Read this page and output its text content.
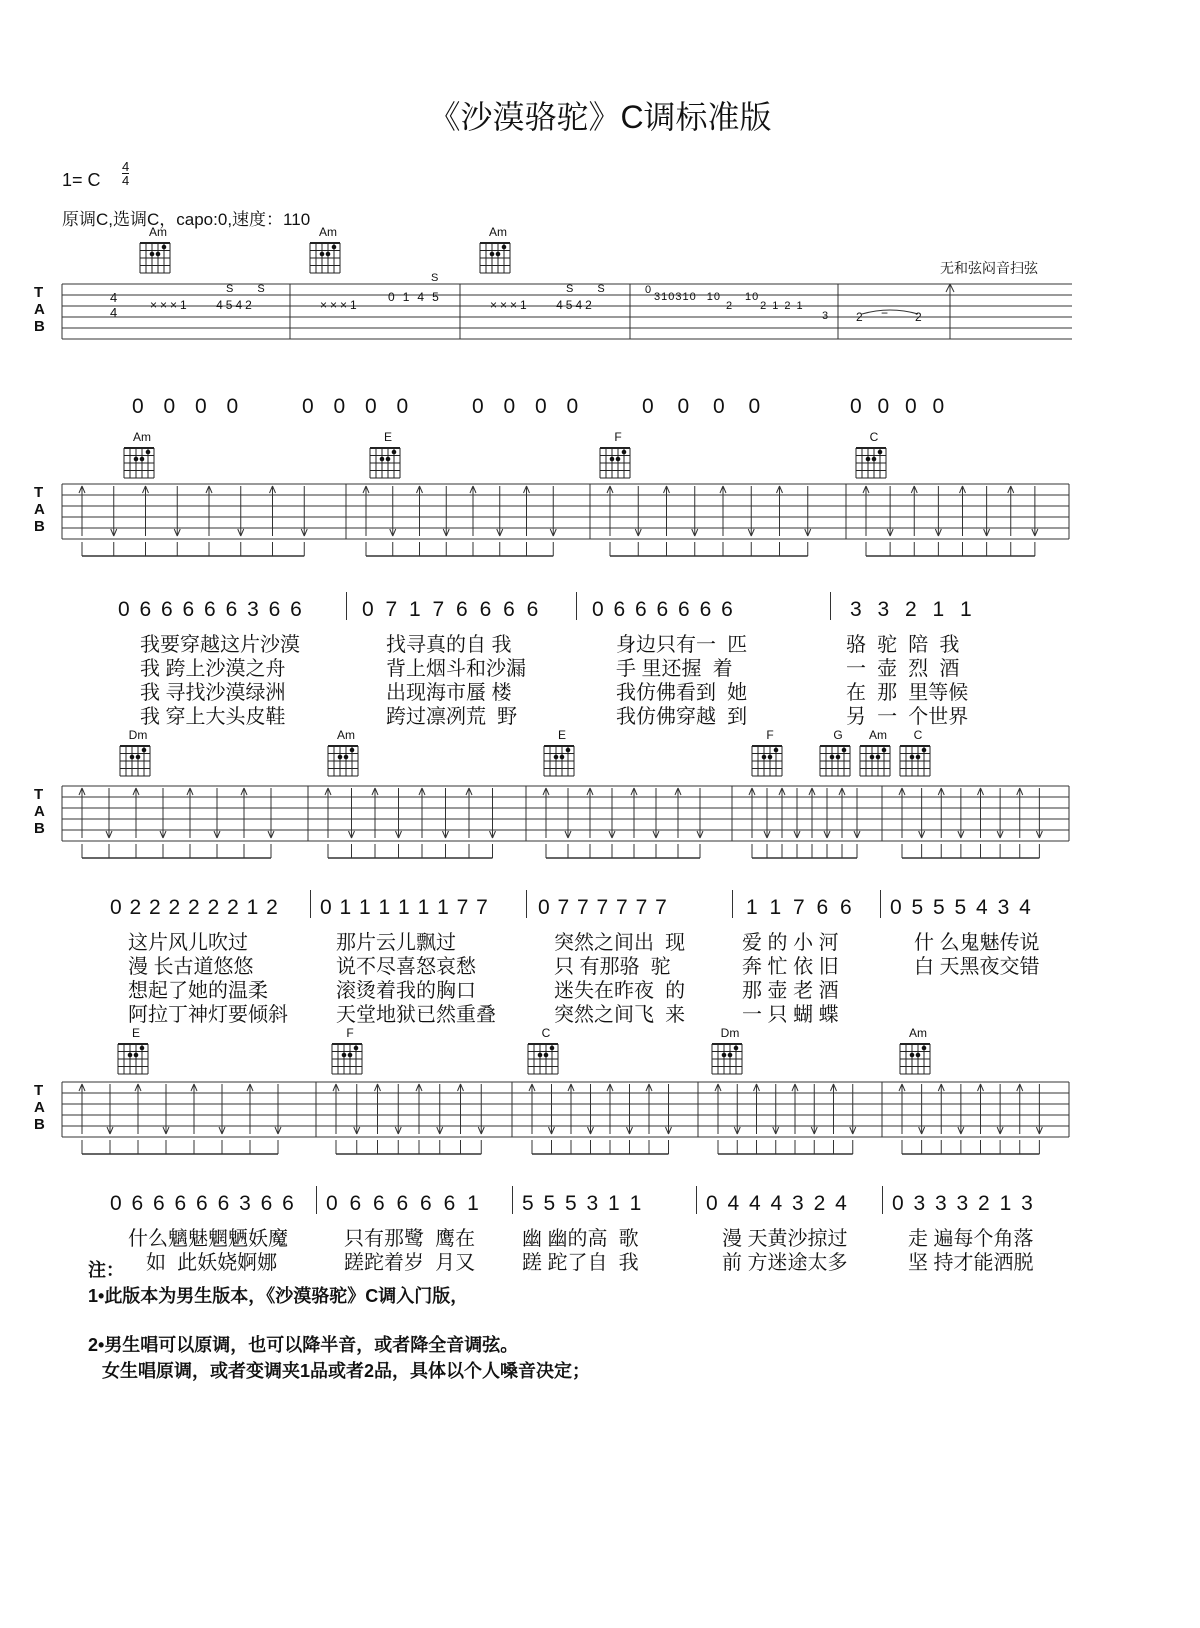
《沙漠骆驼》C调标准版
1= C
4
4
原调C,选调C，capo:0,速度：110
无和弦闷音扫弦
Am	Am	Am
T
A
B
4
4	×××1 4542
SS
×××1
0145
S
×××1 4542
SS 0
310310 10 10
2 2121
3 2 − 2
0 0 0 0	0 0 0 0	0 0 0 0	0 0 0 0	0 0 0 0
Am	E	F	C
T
A
B
0 6 6 6 6 6 3 6 6	0 7 1 7 6 6 6 6	0 6 6 6 6 6 6	3 3 2 1 1
我要穿越这片沙漠	找寻真的自 我	身边只有一  匹	骆  驼  陪  我
我 跨上沙漠之舟	背上烟斗和沙漏	手 里还握  着	一  壶  烈  酒
我 寻找沙漠绿洲	出现海市蜃 楼	我仿佛看到  她	在  那  里等候
我 穿上大头皮鞋	跨过凛冽荒  野	我仿佛穿越  到	另  一  个世界
Dm	Am	E	F	G	Am	C
T
A
B
0 2 2 2 2 2 2 1 2 0 1 1 1 1 1 1 7 7 0 7 7 7 7 7 7	1 1 7 6 6 0 5 5 5 4 3 4
这片风儿吹过	那片云儿飘过	突然之间出  现	爱 的 小 河	什 么鬼魅传说
漫 长古道悠悠	说不尽喜怒哀愁	只 有那骆  驼	奔 忙 依 旧	白 天黑夜交错
想起了她的温柔	滚烫着我的胸口	迷失在昨夜  的	那 壶 老 酒
阿拉丁神灯要倾斜 天堂地狱已然重叠	突然之间飞  来	一 只 蝴 蝶
E	F	C	Dm	Am
T
A
B
0 6 6 6 6 6 3 6 6 0 6 6 6 6 6 1 5 5 5 3 1 1	0 4 4 4 3 2 4 0 3 3 3 2 1 3
什么魑魅魍魉妖魔	只有那鹭  鹰在 幽 幽的高  歌	漫 天黄沙掠过	走 遍每个角落
如  此妖娆婀娜	蹉跎着岁  月又 蹉 跎了自  我	前 方迷途太多	坚 持才能洒脱
注：
1•此版本为男生版本，《沙漠骆驼》C调入门版，
2•男生唱可以原调，也可以降半音，或者降全音调弦。
女生唱原调，或者变调夹1品或者2品，具体以个人嗓音决定；
